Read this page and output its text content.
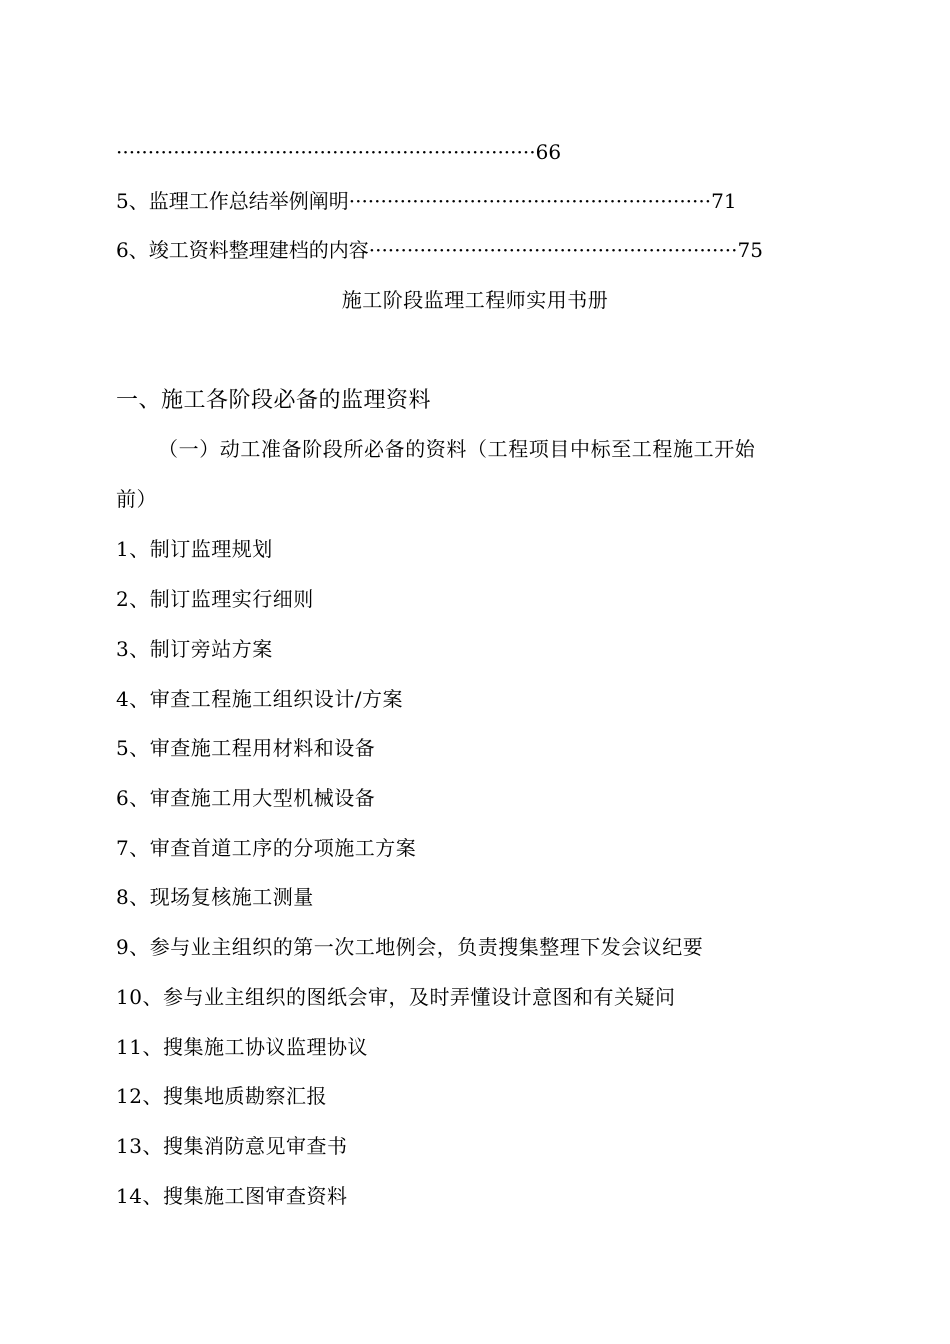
··································································66
5、监理工作总结举例阐明·························································71
6、竣工资料整理建档的内容··························································75
施工阶段监理工程师实用书册
一、施工各阶段必备的监理资料
（一）动工准备阶段所必备的资料（工程项目中标至工程施工开始
前）
1、制订监理规划
2、制订监理实行细则
3、制订旁站方案
4、审查工程施工组织设计/方案
5、审查施工程用材料和设备
6、审查施工用大型机械设备
7、审查首道工序的分项施工方案
8、现场复核施工测量
9、参与业主组织的第一次工地例会，负责搜集整理下发会议纪要
10、参与业主组织的图纸会审，及时弄懂设计意图和有关疑问
11、搜集施工协议监理协议
12、搜集地质勘察汇报
13、搜集消防意见审查书
14、搜集施工图审查资料
